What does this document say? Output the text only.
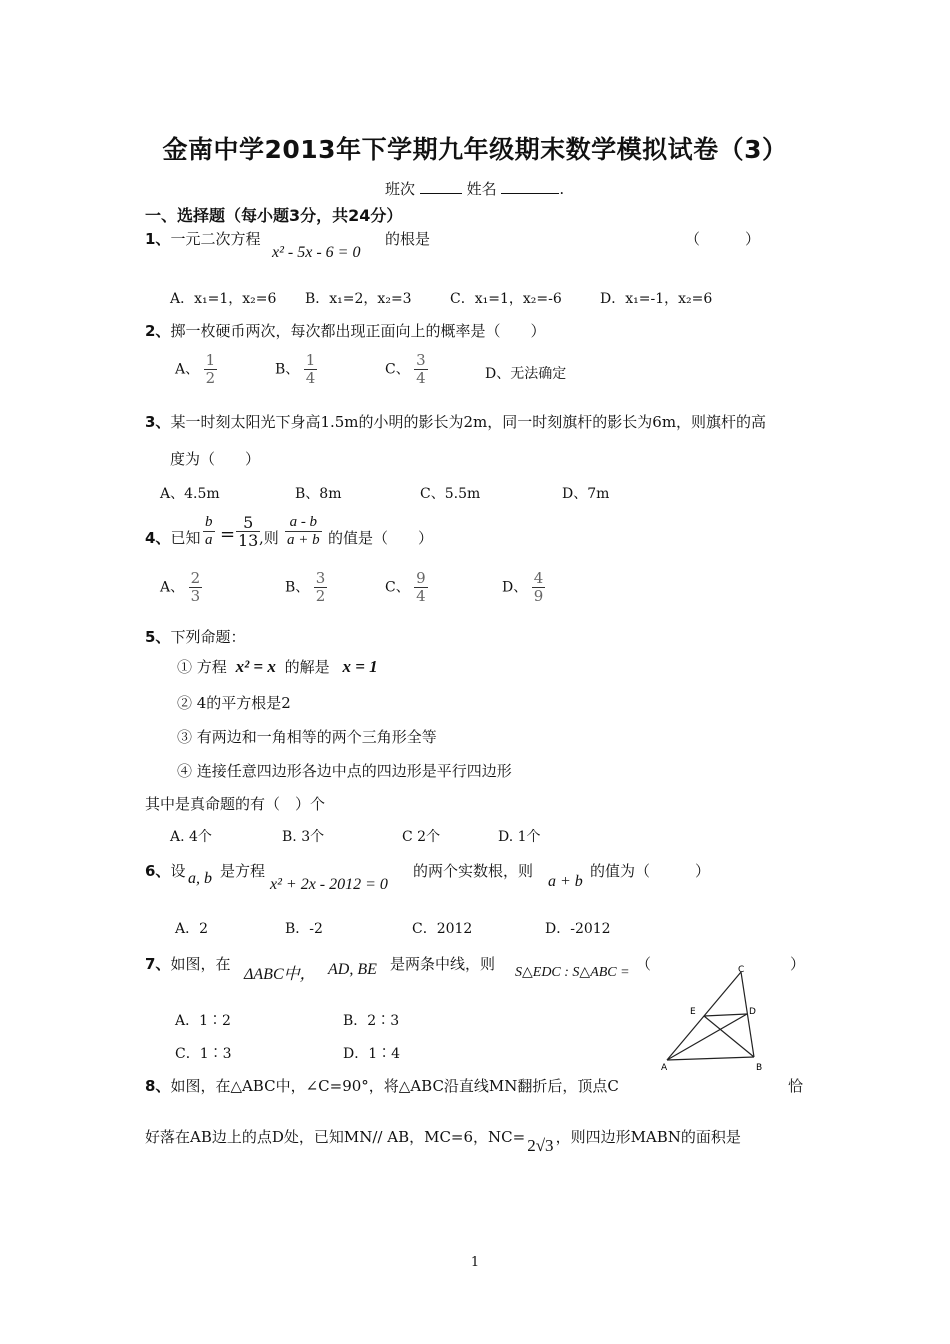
金南中学2013年下学期九年级期末数学模拟试卷（3）
班次	姓名	.
一、选择题（每小题3分，共24分）
1、一元二次方程
x² - 5x - 6 = 0
的根是	（　　　）
A．x₁=1，x₂=6 B．x₁=2，x₂=3	C．x₁=1，x₂=-6	D．x₁=-1，x₂=6
2、掷一枚硬币两次，每次都出现正面向上的概率是（　　）
A、 $\frac{1}{2}$	B、 $\frac{1}{4}$	C、 $\frac{3}{4}$	D、无法确定
3、某一时刻太阳光下身高1.5m的小明的影长为2m，同一时刻旗杆的影长为6m，则旗杆的高
度为（　　）
A、4.5m	B、8m	C、5.5m	D、7m
4、已知 $\frac{b}{a} = \frac{5}{13}$
,则 $\frac{a - b}{a + b}$ 的值是（　　）
A、 $\frac{2}{3}$	B、 $\frac{3}{2}$	C、 $\frac{9}{4}$	D、 $\frac{4}{9}$
5、下列命题：
① 方程 x² = x 的解是 x = 1
② 4的平方根是2
③ 有两边和一角相等的两个三角形全等
④ 连接任意四边形各边中点的四边形是平行四边形
其中是真命题的有（　）个
A. 4个	B. 3个	C 2个	D. 1个
6、设 a, b 是方程
x² + 2x - 2012 = 0
的两个实数根，则
a + b
的值为（　　　）
A．2	B．-2	C．2012	D．-2012
7、如图，在
ΔABC中， AD, BE 是两条中线，则 S△EDC : S△ABC = （	）
A．1∶2	B．2∶3
C．1∶3	D．1∶4
A	B
C
D
E
8、如图，在△ABC中，∠C=90°，将△ABC沿直线MN翻折后，顶点C	恰
好落在AB边上的点D处，已知MN// AB，MC=6，NC= 2√3 ，则四边形MABN的面积是
1
